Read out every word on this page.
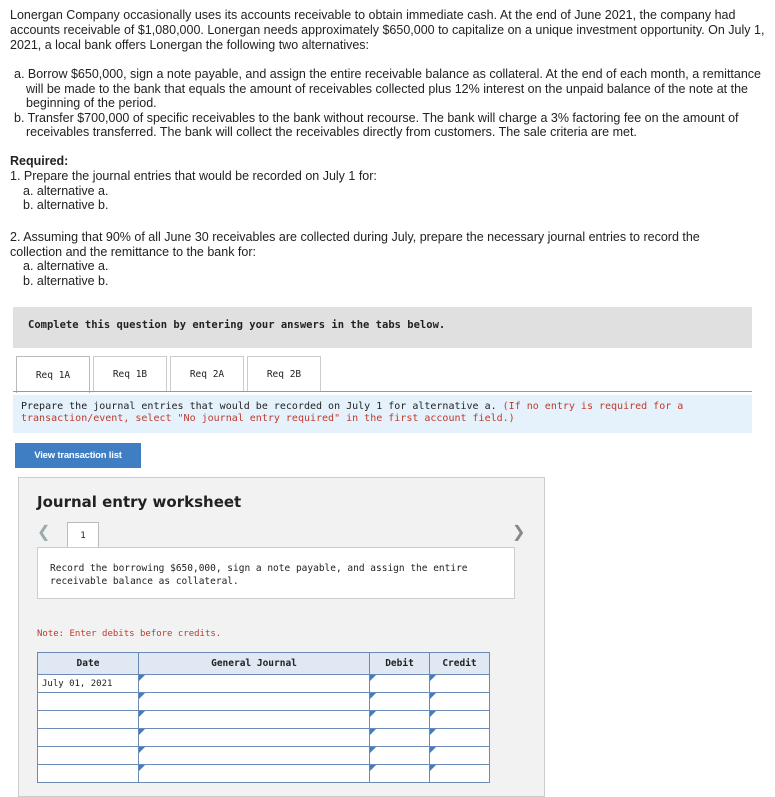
Lonergan Company occasionally uses its accounts receivable to obtain immediate cash. At the end of June 2021, the company had accounts receivable of $1,080,000. Lonergan needs approximately $650,000 to capitalize on a unique investment opportunity. On July 1, 2021, a local bank offers Lonergan the following two alternatives:

a. Borrow $650,000, sign a note payable, and assign the entire receivable balance as collateral. At the end of each month, a remittance will be made to the bank that equals the amount of receivables collected plus 12% interest on the unpaid balance of the note at the beginning of the period.
b. Transfer $700,000 of specific receivables to the bank without recourse. The bank will charge a 3% factoring fee on the amount of receivables transferred. The bank will collect the receivables directly from customers. The sale criteria are met.
Required:
1. Prepare the journal entries that would be recorded on July 1 for:
a. alternative a.
b. alternative b.
2. Assuming that 90% of all June 30 receivables are collected during July, prepare the necessary journal entries to record the collection and the remittance to the bank for:
a. alternative a.
b. alternative b.
Complete this question by entering your answers in the tabs below.
Req 1A	Req 1B	Req 2A	Req 2B
Prepare the journal entries that would be recorded on July 1 for alternative a. (If no entry is required for a transaction/event, select "No journal entry required" in the first account field.)
View transaction list
Journal entry worksheet
❮	1
Record the borrowing $650,000, sign a note payable, and assign the entire receivable balance as collateral.
Note: Enter debits before credits.
Date	General Journal	Debit	Credit
July 01, 2021	

❯
